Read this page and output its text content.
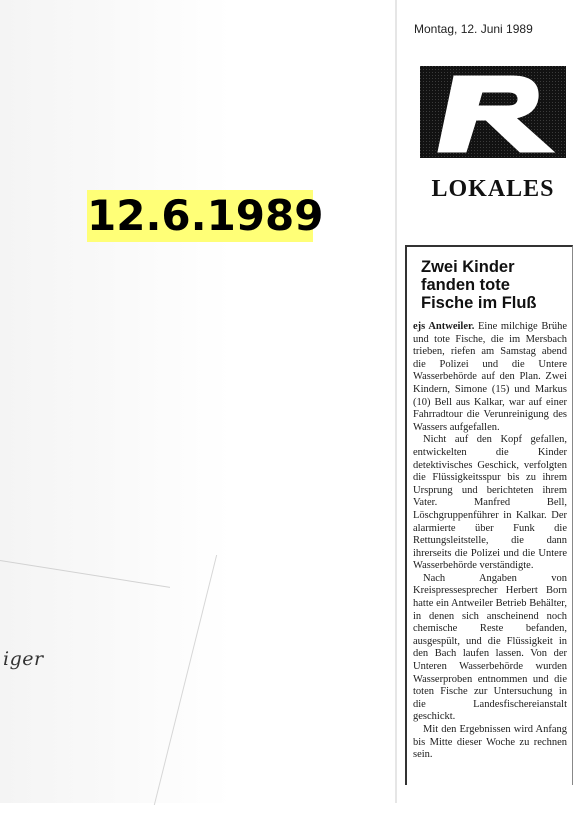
iger
Montag, 12. Juni 1989
LOKALES
12.6.1989
Zwei Kinder
fanden tote
Fische im Fluß

ejs Antweiler. Eine milchige Brühe und tote Fische, die im Mersbach trieben, riefen am Samstag abend die Polizei und die Untere Wasserbehörde auf den Plan. Zwei Kindern, Simone (15) und Markus (10) Bell aus Kalkar, war auf einer Fahrradtour die Verunreinigung des Wassers aufgefallen.

Nicht auf den Kopf gefallen, entwickelten die Kinder detektivisches Geschick, verfolgten die Flüssigkeitsspur bis zu ihrem Ursprung und berichteten ihrem Vater. Manfred Bell, Löschgruppenführer in Kalkar. Der alarmierte über Funk die Rettungsleitstelle, die dann ihrerseits die Polizei und die Untere Wasserbehörde verständigte.

Nach Angaben von Kreispressesprecher Herbert Born hatte ein Antweiler Betrieb Behälter, in denen sich anscheinend noch chemische Reste befanden, ausgespült, und die Flüssigkeit in den Bach laufen lassen. Von der Unteren Wasserbehörde wurden Wasserproben entnommen und die toten Fische zur Untersuchung in die Landesfischereianstalt geschickt.

Mit den Ergebnissen wird Anfang bis Mitte dieser Woche zu rechnen sein.
